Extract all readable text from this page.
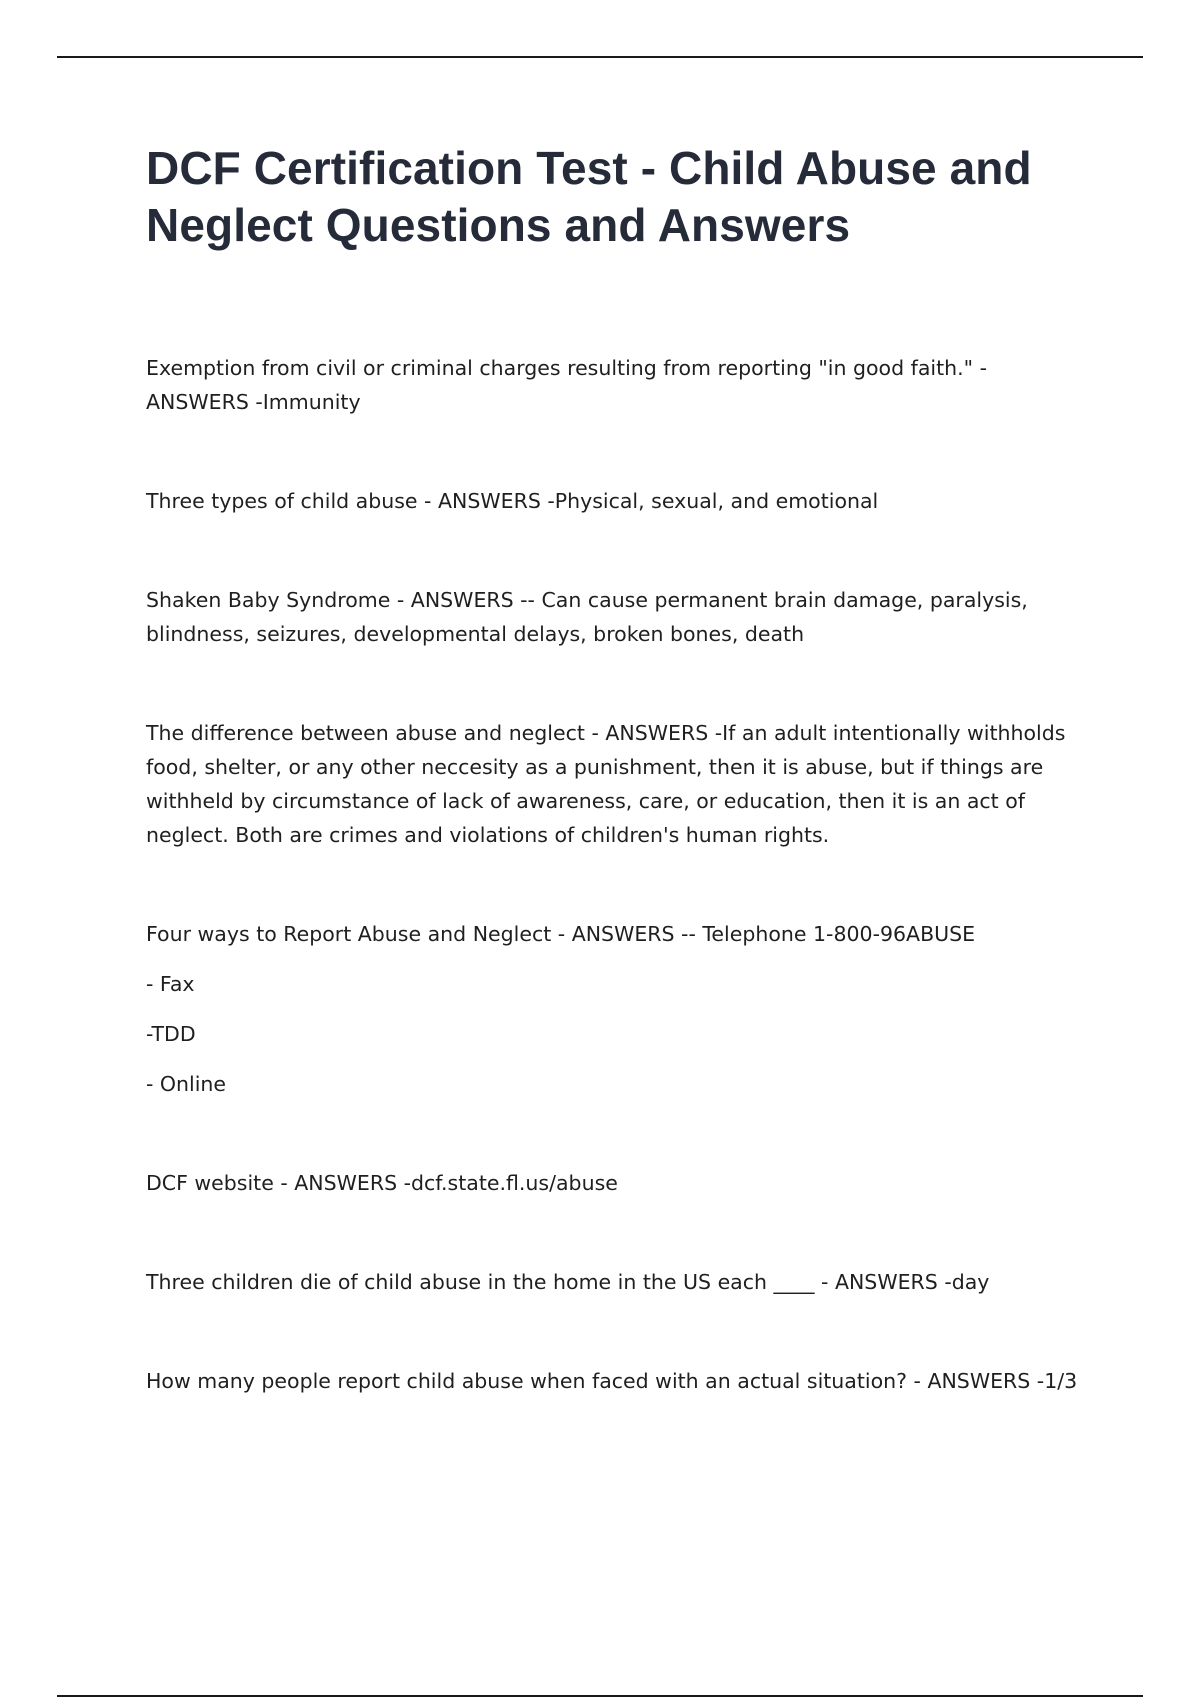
DCF Certification Test - Child Abuse and Neglect Questions and Answers

Exemption from civil or criminal charges resulting from reporting "in good faith." - ANSWERS -Immunity

Three types of child abuse - ANSWERS -Physical, sexual, and emotional

Shaken Baby Syndrome - ANSWERS -- Can cause permanent brain damage, paralysis, blindness, seizures, developmental delays, broken bones, death

The difference between abuse and neglect - ANSWERS -If an adult intentionally withholds food, shelter, or any other neccesity as a punishment, then it is abuse, but if things are withheld by circumstance of lack of awareness, care, or education, then it is an act of neglect. Both are crimes and violations of children's human rights.

Four ways to Report Abuse and Neglect - ANSWERS -- Telephone 1-800-96ABUSE

- Fax

-TDD

- Online

DCF website - ANSWERS -dcf.state.fl.us/abuse

Three children die of child abuse in the home in the US each ____ - ANSWERS -day

How many people report child abuse when faced with an actual situation? - ANSWERS -1/3
